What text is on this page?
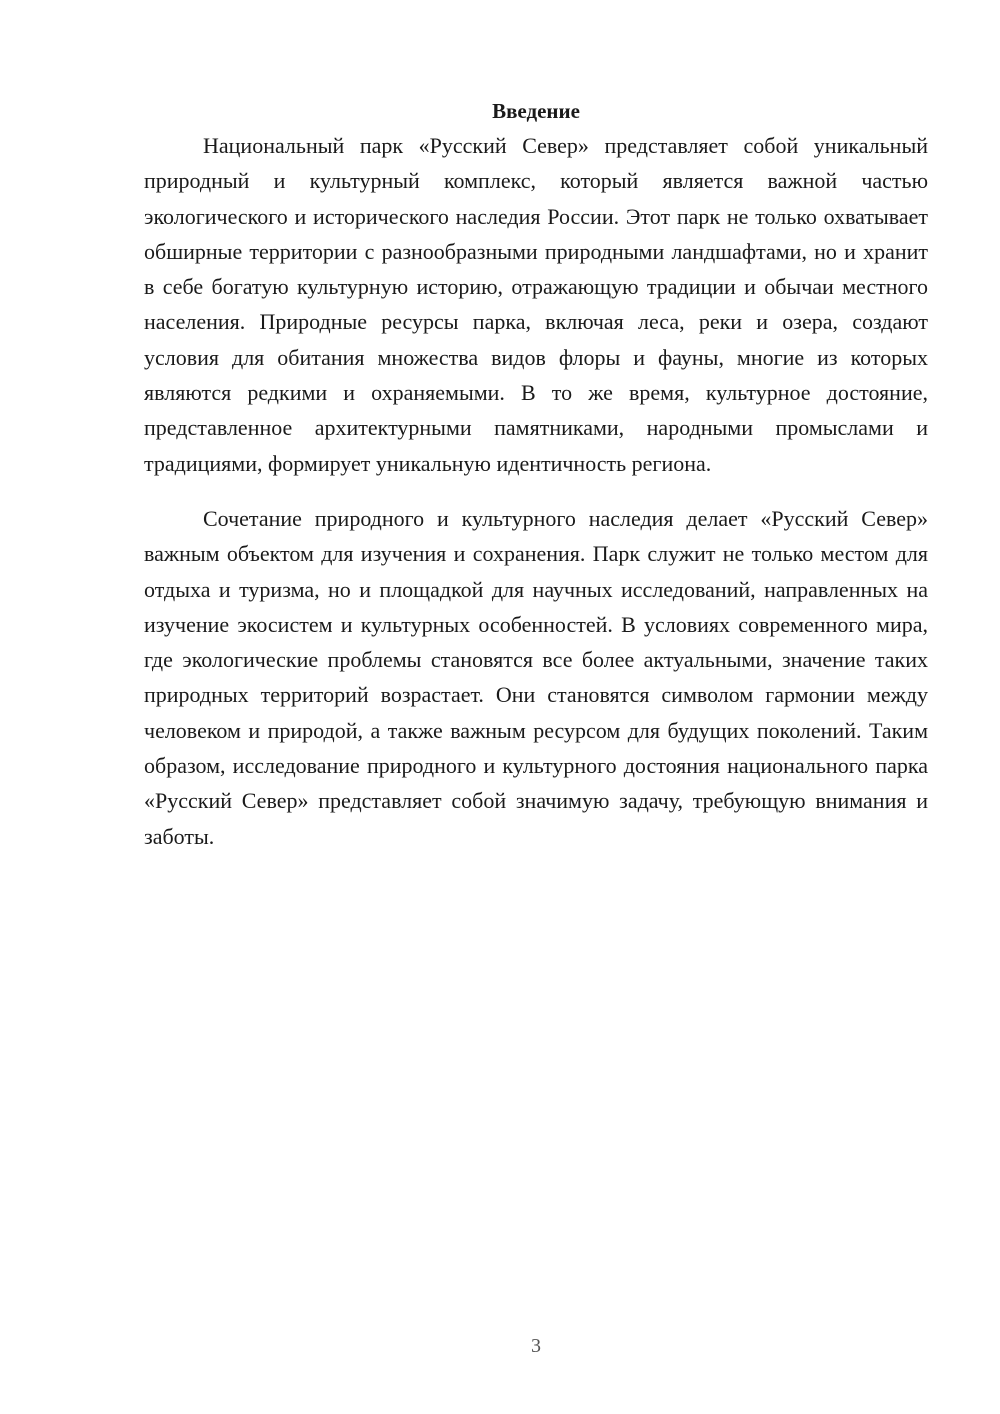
Введение

Национальный парк «Русский Север» представляет собой уникальный природный и культурный комплекс, который является важной частью экологического и исторического наследия России. Этот парк не только охватывает обширные территории с разнообразными природными ландшафтами, но и хранит в себе богатую культурную историю, отражающую традиции и обычаи местного населения. Природные ресурсы парка, включая леса, реки и озера, создают условия для обитания множества видов флоры и фауны, многие из которых являются редкими и охраняемыми. В то же время, культурное достояние, представленное архитектурными памятниками, народными промыслами и традициями, формирует уникальную идентичность региона.

Сочетание природного и культурного наследия делает «Русский Север» важным объектом для изучения и сохранения. Парк служит не только местом для отдыха и туризма, но и площадкой для научных исследований, направленных на изучение экосистем и культурных особенностей. В условиях современного мира, где экологические проблемы становятся все более актуальными, значение таких природных территорий возрастает. Они становятся символом гармонии между человеком и природой, а также важным ресурсом для будущих поколений. Таким образом, исследование природного и культурного достояния национального парка «Русский Север» представляет собой значимую задачу, требующую внимания и заботы.

3
